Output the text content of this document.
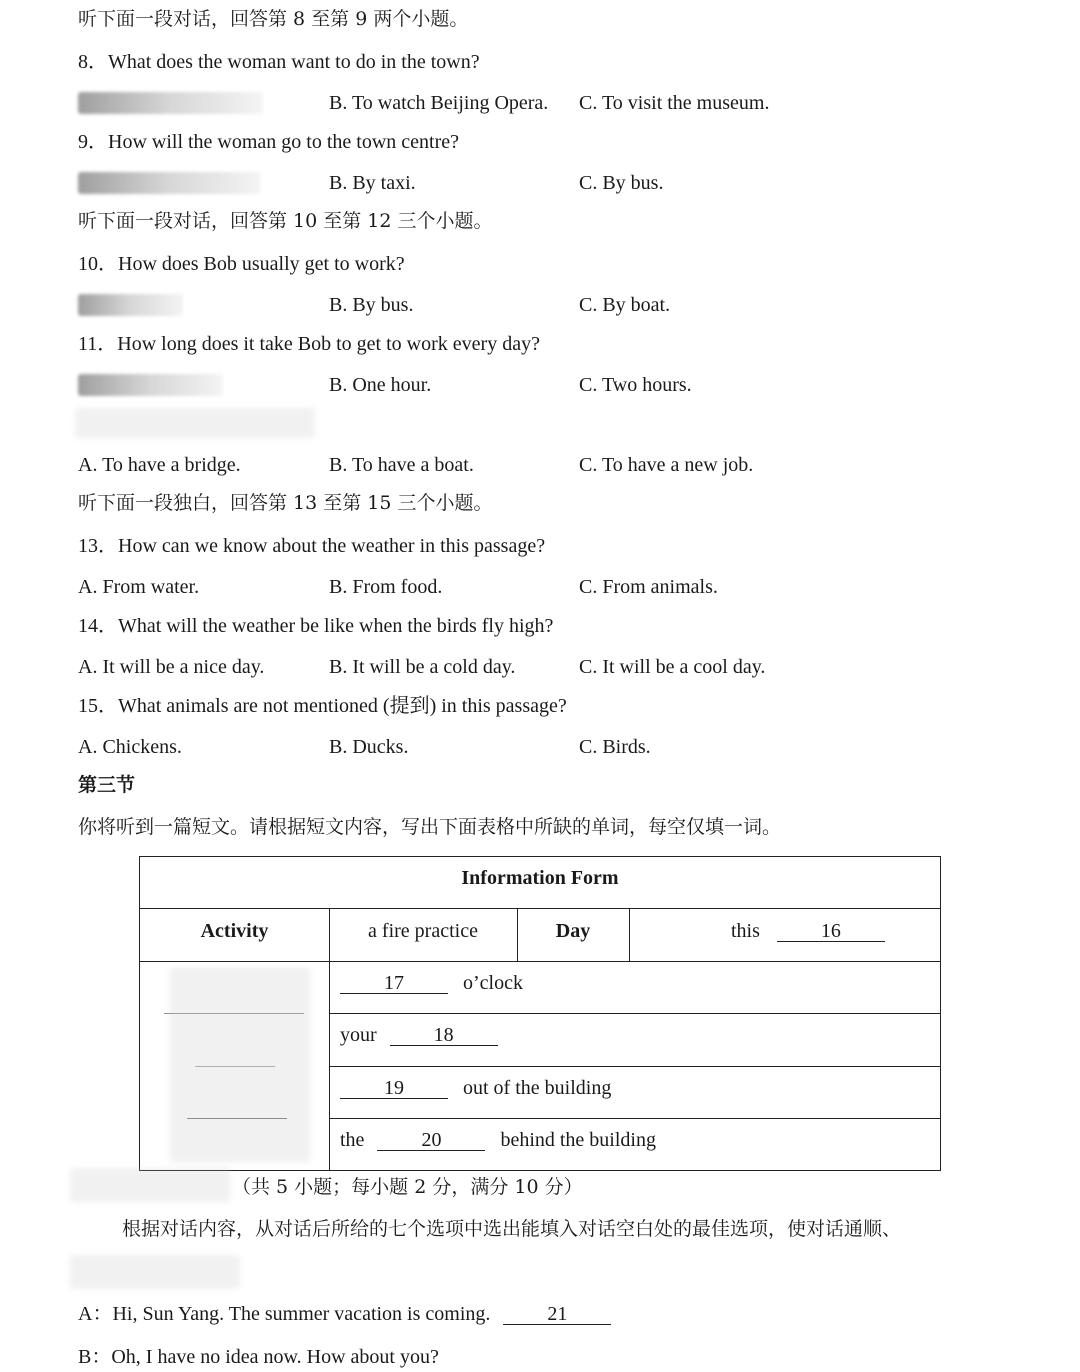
听下面一段对话，回答第 8 至第 9 两个小题。
8．What does the woman want to do in the town?
B. To watch Beijing Opera. C. To visit the museum.
9．How will the woman go to the town centre?
B. By taxi.	C. By bus.
听下面一段对话，回答第 10 至第 12 三个小题。
10．How does Bob usually get to work?
B. By bus.	C. By boat.
11．How long does it take Bob to get to work every day?
B. One hour.	C. Two hours.
A. To have a bridge.	B. To have a boat.	C. To have a new job.
听下面一段独白，回答第 13 至第 15 三个小题。
13．How can we know about the weather in this passage?
A. From water.	B. From food.	C. From animals.
14．What will the weather be like when the birds fly high?
A. It will be a nice day.	B. It will be a cold day.	C. It will be a cool day.
15．What animals are not mentioned (提到) in this passage?
A. Chickens.	B. Ducks.	C. Birds.
第三节
你将听到一篇短文。请根据短文内容，写出下面表格中所缺的单词，每空仅填一词。
Information Form
Activity	a fire practice	Day	this	16
17	o’clock
your	18
19	out of the building
the	20	behind the building
（共 5 小题；每小题 2 分，满分 10 分）
根据对话内容，从对话后所给的七个选项中选出能填入对话空白处的最佳选项，使对话通顺、
A：Hi, Sun Yang. The summer vacation is coming.	21
B：Oh, I have no idea now. How about you?
